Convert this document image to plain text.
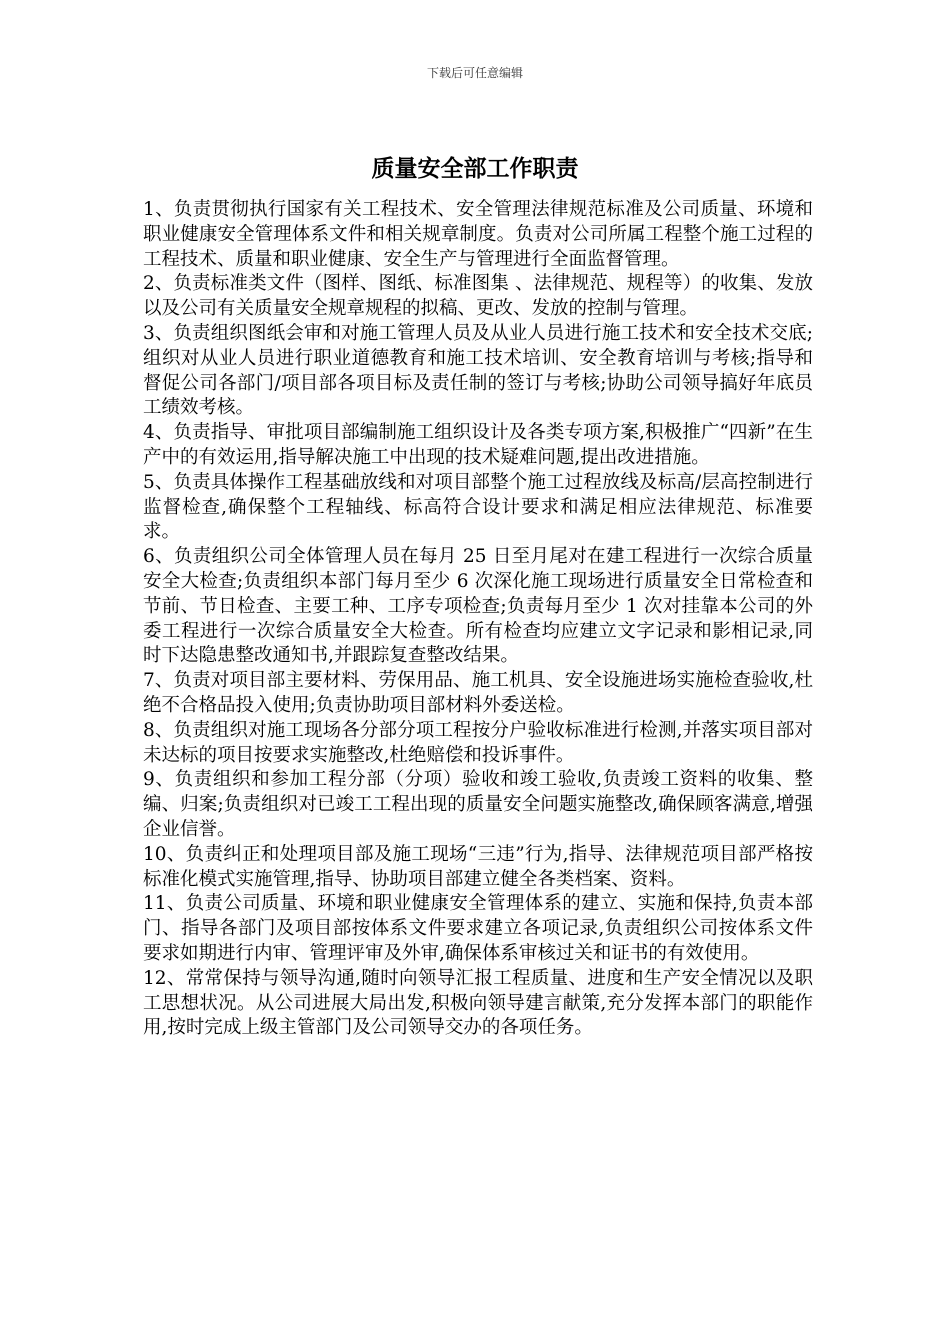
下载后可任意编辑
质量安全部工作职责

1、负责贯彻执行国家有关工程技术、安全管理法律规范标准及公司质量、环境和职业健康安全管理体系文件和相关规章制度。负责对公司所属工程整个施工过程的工程技术、质量和职业健康、安全生产与管理进行全面监督管理。

2、负责标准类文件（图样、图纸、标准图集 、法律规范、规程等）的收集、发放以及公司有关质量安全规章规程的拟稿、更改、发放的控制与管理。

3、负责组织图纸会审和对施工管理人员及从业人员进行施工技术和安全技术交底;组织对从业人员进行职业道德教育和施工技术培训、安全教育培训与考核;指导和督促公司各部门/项目部各项目标及责任制的签订与考核;协助公司领导搞好年底员工绩效考核。

4、负责指导、审批项目部编制施工组织设计及各类专项方案,积极推广“四新”在生产中的有效运用,指导解决施工中出现的技术疑难问题,提出改进措施。

5、负责具体操作工程基础放线和对项目部整个施工过程放线及标高/层高控制进行监督检查,确保整个工程轴线、标高符合设计要求和满足相应法律规范、标准要求。

6、负责组织公司全体管理人员在每月 25 日至月尾对在建工程进行一次综合质量安全大检查;负责组织本部门每月至少 6 次深化施工现场进行质量安全日常检查和节前、节日检查、主要工种、工序专项检查;负责每月至少 1 次对挂靠本公司的外委工程进行一次综合质量安全大检查。所有检查均应建立文字记录和影相记录,同时下达隐患整改通知书,并跟踪复查整改结果。

7、负责对项目部主要材料、劳保用品、施工机具、安全设施进场实施检查验收,杜绝不合格品投入使用;负责协助项目部材料外委送检。

8、负责组织对施工现场各分部分项工程按分户验收标准进行检测,并落实项目部对未达标的项目按要求实施整改,杜绝赔偿和投诉事件。

9、负责组织和参加工程分部（分项）验收和竣工验收,负责竣工资料的收集、整编、归案;负责组织对已竣工工程出现的质量安全问题实施整改,确保顾客满意,增强企业信誉。

10、负责纠正和处理项目部及施工现场“三违”行为,指导、法律规范项目部严格按标准化模式实施管理,指导、协助项目部建立健全各类档案、资料。

11、负责公司质量、环境和职业健康安全管理体系的建立、实施和保持,负责本部门、指导各部门及项目部按体系文件要求建立各项记录,负责组织公司按体系文件要求如期进行内审、管理评审及外审,确保体系审核过关和证书的有效使用。

12、常常保持与领导沟通,随时向领导汇报工程质量、进度和生产安全情况以及职工思想状况。从公司进展大局出发,积极向领导建言献策,充分发挥本部门的职能作用,按时完成上级主管部门及公司领导交办的各项任务。
